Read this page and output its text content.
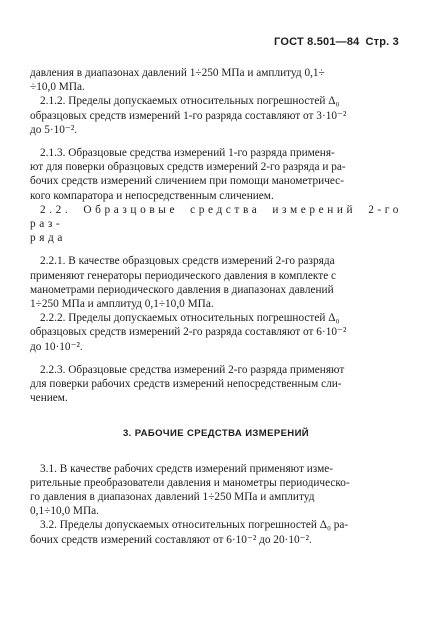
ГОСТ 8.501—84 Стр. 3

давления в диапазонах давлений 1÷250 МПа и амплитуд 0,1÷
÷10,0 МПа.

2.1.2. Пределы допускаемых относительных погрешностей Δ₀
образцовых средств измерений 1-го разряда составляют от 3·10⁻²
до 5·10⁻².

2.1.3. Образцовые средства измерений 1-го разряда применя-
ют для поверки образцовых средств измерений 2-го разряда и ра-
бочих средств измерений сличением при помощи манометричес-
кого компаратора и непосредственным сличением.

2.2. Образцовые средства измерений 2-го раз-
ряда

2.2.1. В качестве образцовых средств измерений 2-го разряда
применяют генераторы периодического давления в комплекте с
манометрами периодического давления в диапазонах давлений
1÷250 МПа и амплитуд 0,1÷10,0 МПа.

2.2.2. Пределы допускаемых относительных погрешностей Δ₀
образцовых средств измерений 2-го разряда составляют от 6·10⁻²
до 10·10⁻².

2.2.3. Образцовые средства измерений 2-го разряда применяют
для поверки рабочих средств измерений непосредственным сли-
чением.

3. РАБОЧИЕ СРЕДСТВА ИЗМЕРЕНИЙ

3.1. В качестве рабочих средств измерений применяют изме-
рительные преобразователи давления и манометры периодическо-
го давления в диапазонах давлений 1÷250 МПа и амплитуд
0,1÷10,0 МПа.

3.2. Пределы допускаемых относительных погрешностей Δ₀ ра-
бочих средств измерений составляют от 6·10⁻² до 20·10⁻².
